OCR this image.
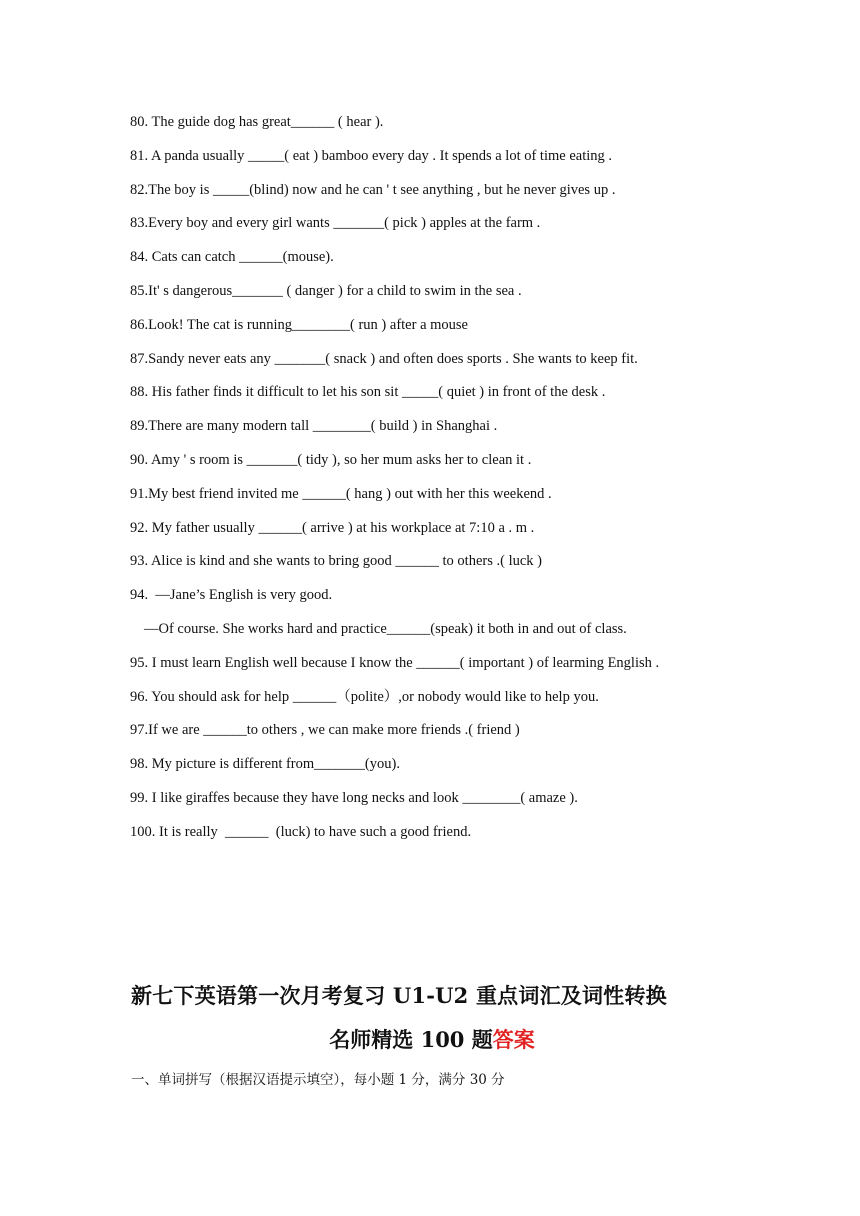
80. The guide dog has great______ ( hear ).
81. A panda usually _____( eat ) bamboo every day . It spends a lot of time eating .
82.The boy is _____(blind) now and he can ' t see anything , but he never gives up .
83.Every boy and every girl wants _______( pick ) apples at the farm .
84. Cats can catch ______(mouse).
85.It' s dangerous_______ ( danger ) for a child to swim in the sea .
86.Look! The cat is running________( run ) after a mouse
87.Sandy never eats any _______( snack ) and often does sports . She wants to keep fit.
88. His father finds it difficult to let his son sit _____( quiet ) in front of the desk .
89.There are many modern tall ________( build ) in Shanghai .
90. Amy ' s room is _______( tidy ), so her mum asks her to clean it .
91.My best friend invited me ______( hang ) out with her this weekend .
92. My father usually ______( arrive ) at his workplace at 7:10 a . m .
93. Alice is kind and she wants to bring good ______ to others .( luck )
94.  —Jane’s English is very good.
—Of course. She works hard and practice______(speak) it both in and out of class.
95. I must learn English well because I know the ______( important ) of learming English .
96. You should ask for help ______（polite）,or nobody would like to help you.
97.If we are ______to others , we can make more friends .( friend )
98. My picture is different from_______(you).
99. I like giraffes because they have long necks and look ________( amaze ).
100. It is really  ______  (luck) to have such a good friend.
新七下英语第一次月考复习 U1-U2 重点词汇及词性转换
名师精选 100 题答案
一、单词拼写（根据汉语提示填空），每小题 1 分，满分 30 分
